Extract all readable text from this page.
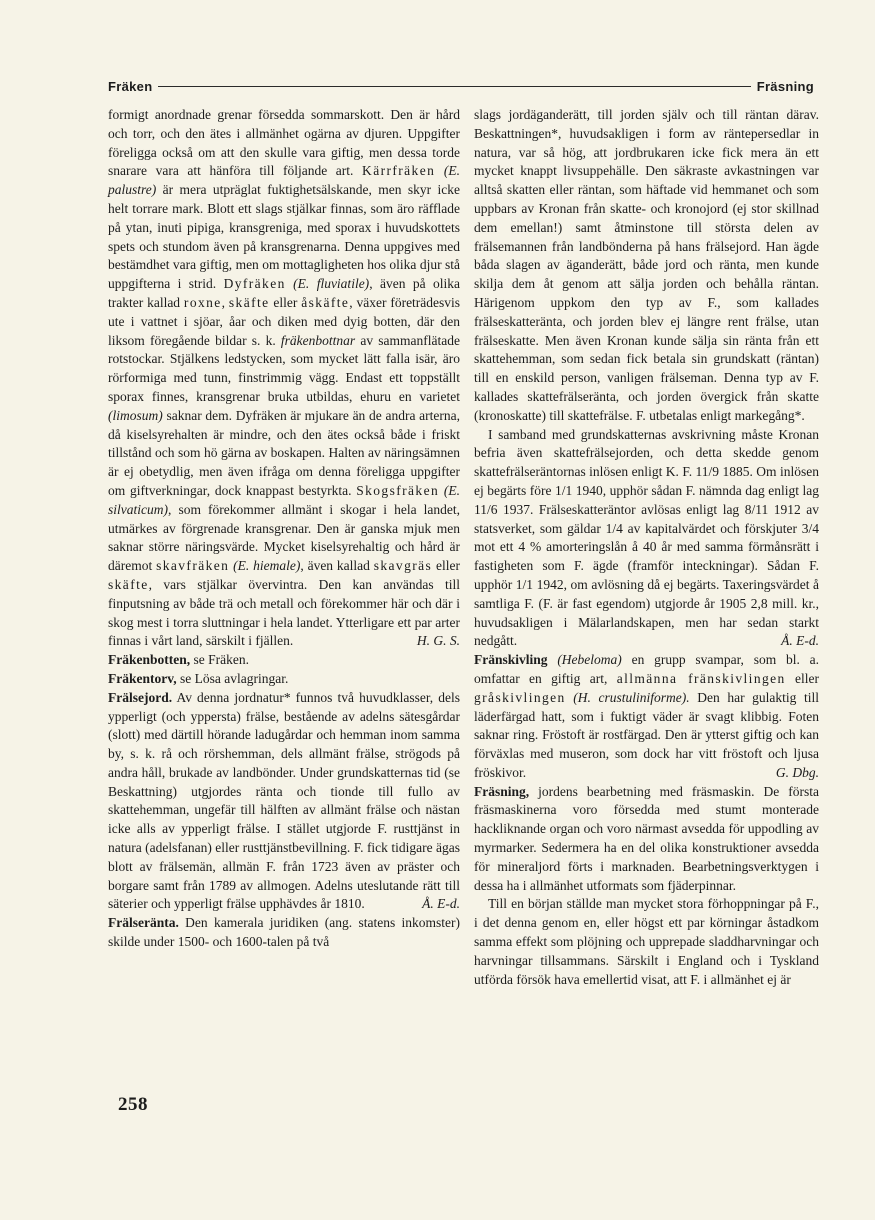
Fräken	Fräsning

formigt anordnade grenar försedda sommarskott. Den är hård och torr, och den ätes i allmänhet ogärna av djuren. Uppgifter föreligga också om att den skulle vara giftig, men dessa torde snarare vara att hänföra till följande art. Kärrfräken (E. palustre) är mera utpräglat fuktighetsälskande, men skyr icke helt torrare mark. Blott ett slags stjälkar finnas, som äro räfflade på ytan, inuti pipiga, kransgreniga, med sporax i huvudskottets spets och stundom även på kransgrenarna. Denna uppgives med bestämdhet vara giftig, men om mottagligheten hos olika djur stå uppgifterna i strid. Dyfräken (E. fluviatile), även på olika trakter kallad roxne, skäfte eller åskäfte, växer företrädesvis ute i vattnet i sjöar, åar och diken med dyig botten, där den liksom föregående bildar s. k. fräkenbottnar av sammanflätade rotstockar. Stjälkens ledstycken, som mycket lätt falla isär, äro rörformiga med tunn, finstrimmig vägg. Endast ett toppställt sporax finnes, kransgrenar bruka utbildas, ehuru en varietet (limosum) saknar dem. Dyfräken är mjukare än de andra arterna, då kiselsyrehalten är mindre, och den ätes också både i friskt tillstånd och som hö gärna av boskapen. Halten av näringsämnen är ej obetydlig, men även ifråga om denna föreligga uppgifter om giftverkningar, dock knappast bestyrkta. Skogsfräken (E. silvaticum), som förekommer allmänt i skogar i hela landet, utmärkes av förgrenade kransgrenar. Den är ganska mjuk men saknar större näringsvärde. Mycket kiselsyrehaltig och hård är däremot skavfräken (E. hiemale), även kallad skavgräs eller skäfte, vars stjälkar övervintra. Den kan användas till finputsning av både trä och metall och förekommer här och där i skog mest i torra sluttningar i hela landet. Ytterligare ett par arter finnas i vårt land, särskilt i fjällen.	H. G. S.

Fräkenbotten, se Fräken.

Fräkentorv, se Lösa avlagringar.

Frälsejord. Av denna jordnatur* funnos två huvudklasser, dels ypperligt (och yppersta) frälse, bestående av adelns sätesgårdar (slott) med därtill hörande ladugårdar och hemman inom samma by, s. k. rå och rörshemman, dels allmänt frälse, strögods på andra håll, brukade av landbönder. Under grundskatternas tid (se Beskattning) utgjordes ränta och tionde till fullo av skattehemman, ungefär till hälften av allmänt frälse och nästan icke alls av ypperligt frälse. I stället utgjorde F. rusttjänst in natura (adelsfanan) eller rusttjänstbevillning. F. fick tidigare ägas blott av frälsemän, allmän F. från 1723 även av präster och borgare samt från 1789 av allmogen. Adelns uteslutande rätt till säterier och ypperligt frälse upphävdes år 1810.	Å. E-d.

Frälseränta. Den kamerala juridiken (ang. statens inkomster) skilde under 1500- och 1600-talen på två

slags jordäganderätt, till jorden själv och till räntan därav. Beskattningen*, huvudsakligen i form av räntepersedlar in natura, var så hög, att jordbrukaren icke fick mera än ett mycket knappt livsuppehälle. Den säkraste avkastningen var alltså skatten eller räntan, som häftade vid hemmanet och som uppbars av Kronan från skatte- och kronojord (ej stor skillnad dem emellan!) samt åtminstone till största delen av frälsemannen från landbönderna på hans frälsejord. Han ägde båda slagen av äganderätt, både jord och ränta, men kunde skilja dem åt genom att sälja jorden och behålla räntan. Härigenom uppkom den typ av F., som kallades frälseskatteränta, och jorden blev ej längre rent frälse, utan frälseskatte. Men även Kronan kunde sälja sin ränta från ett skattehemman, som sedan fick betala sin grundskatt (räntan) till en enskild person, vanligen frälseman. Denna typ av F. kallades skattefrälseränta, och jorden övergick från skatte (kronoskatte) till skattefrälse. F. utbetalas enligt markegång*.

I samband med grundskatternas avskrivning måste Kronan befria även skattefrälsejorden, och detta skedde genom skattefrälseräntornas inlösen enligt K. F. 11/9 1885. Om inlösen ej begärts före 1/1 1940, upphör sådan F. nämnda dag enligt lag 11/6 1937. Frälseskatteräntor avlösas enligt lag 8/11 1912 av statsverket, som gäldar 1/4 av kapitalvärdet och förskjuter 3/4 mot ett 4 % amorteringslån å 40 år med samma förmånsrätt i fastigheten som F. ägde (framför inteckningar). Sådan F. upphör 1/1 1942, om avlösning då ej begärts. Taxeringsvärdet å samtliga F. (F. är fast egendom) utgjorde år 1905 2,8 mill. kr., huvudsakligen i Mälarlandskapen, men har sedan starkt nedgått.	Å. E-d.

Fränskivling (Hebeloma) en grupp svampar, som bl. a. omfattar en giftig art, allmänna fränskivlingen eller gråskivlingen (H. crustuliniforme). Den har gulaktig till läderfärgad hatt, som i fuktigt väder är svagt klibbig. Foten saknar ring. Fröstoft är rostfärgad. Den är ytterst giftig och kan förväxlas med museron, som dock har vitt fröstoft och ljusa fröskivor.	G. Dbg.

Fräsning, jordens bearbetning med fräsmaskin. De första fräsmaskinerna voro försedda med stumt monterade hackliknande organ och voro närmast avsedda för uppodling av myrmarker. Sedermera ha en del olika konstruktioner avsedda för mineraljord förts i marknaden. Bearbetningsverktygen i dessa ha i allmänhet utformats som fjäderpinnar.

Till en början ställde man mycket stora förhoppningar på F., i det denna genom en, eller högst ett par körningar åstadkom samma effekt som plöjning och upprepade sladdharvningar och harvningar tillsammans. Särskilt i England och i Tyskland utförda försök hava emellertid visat, att F. i allmänhet ej är

258
